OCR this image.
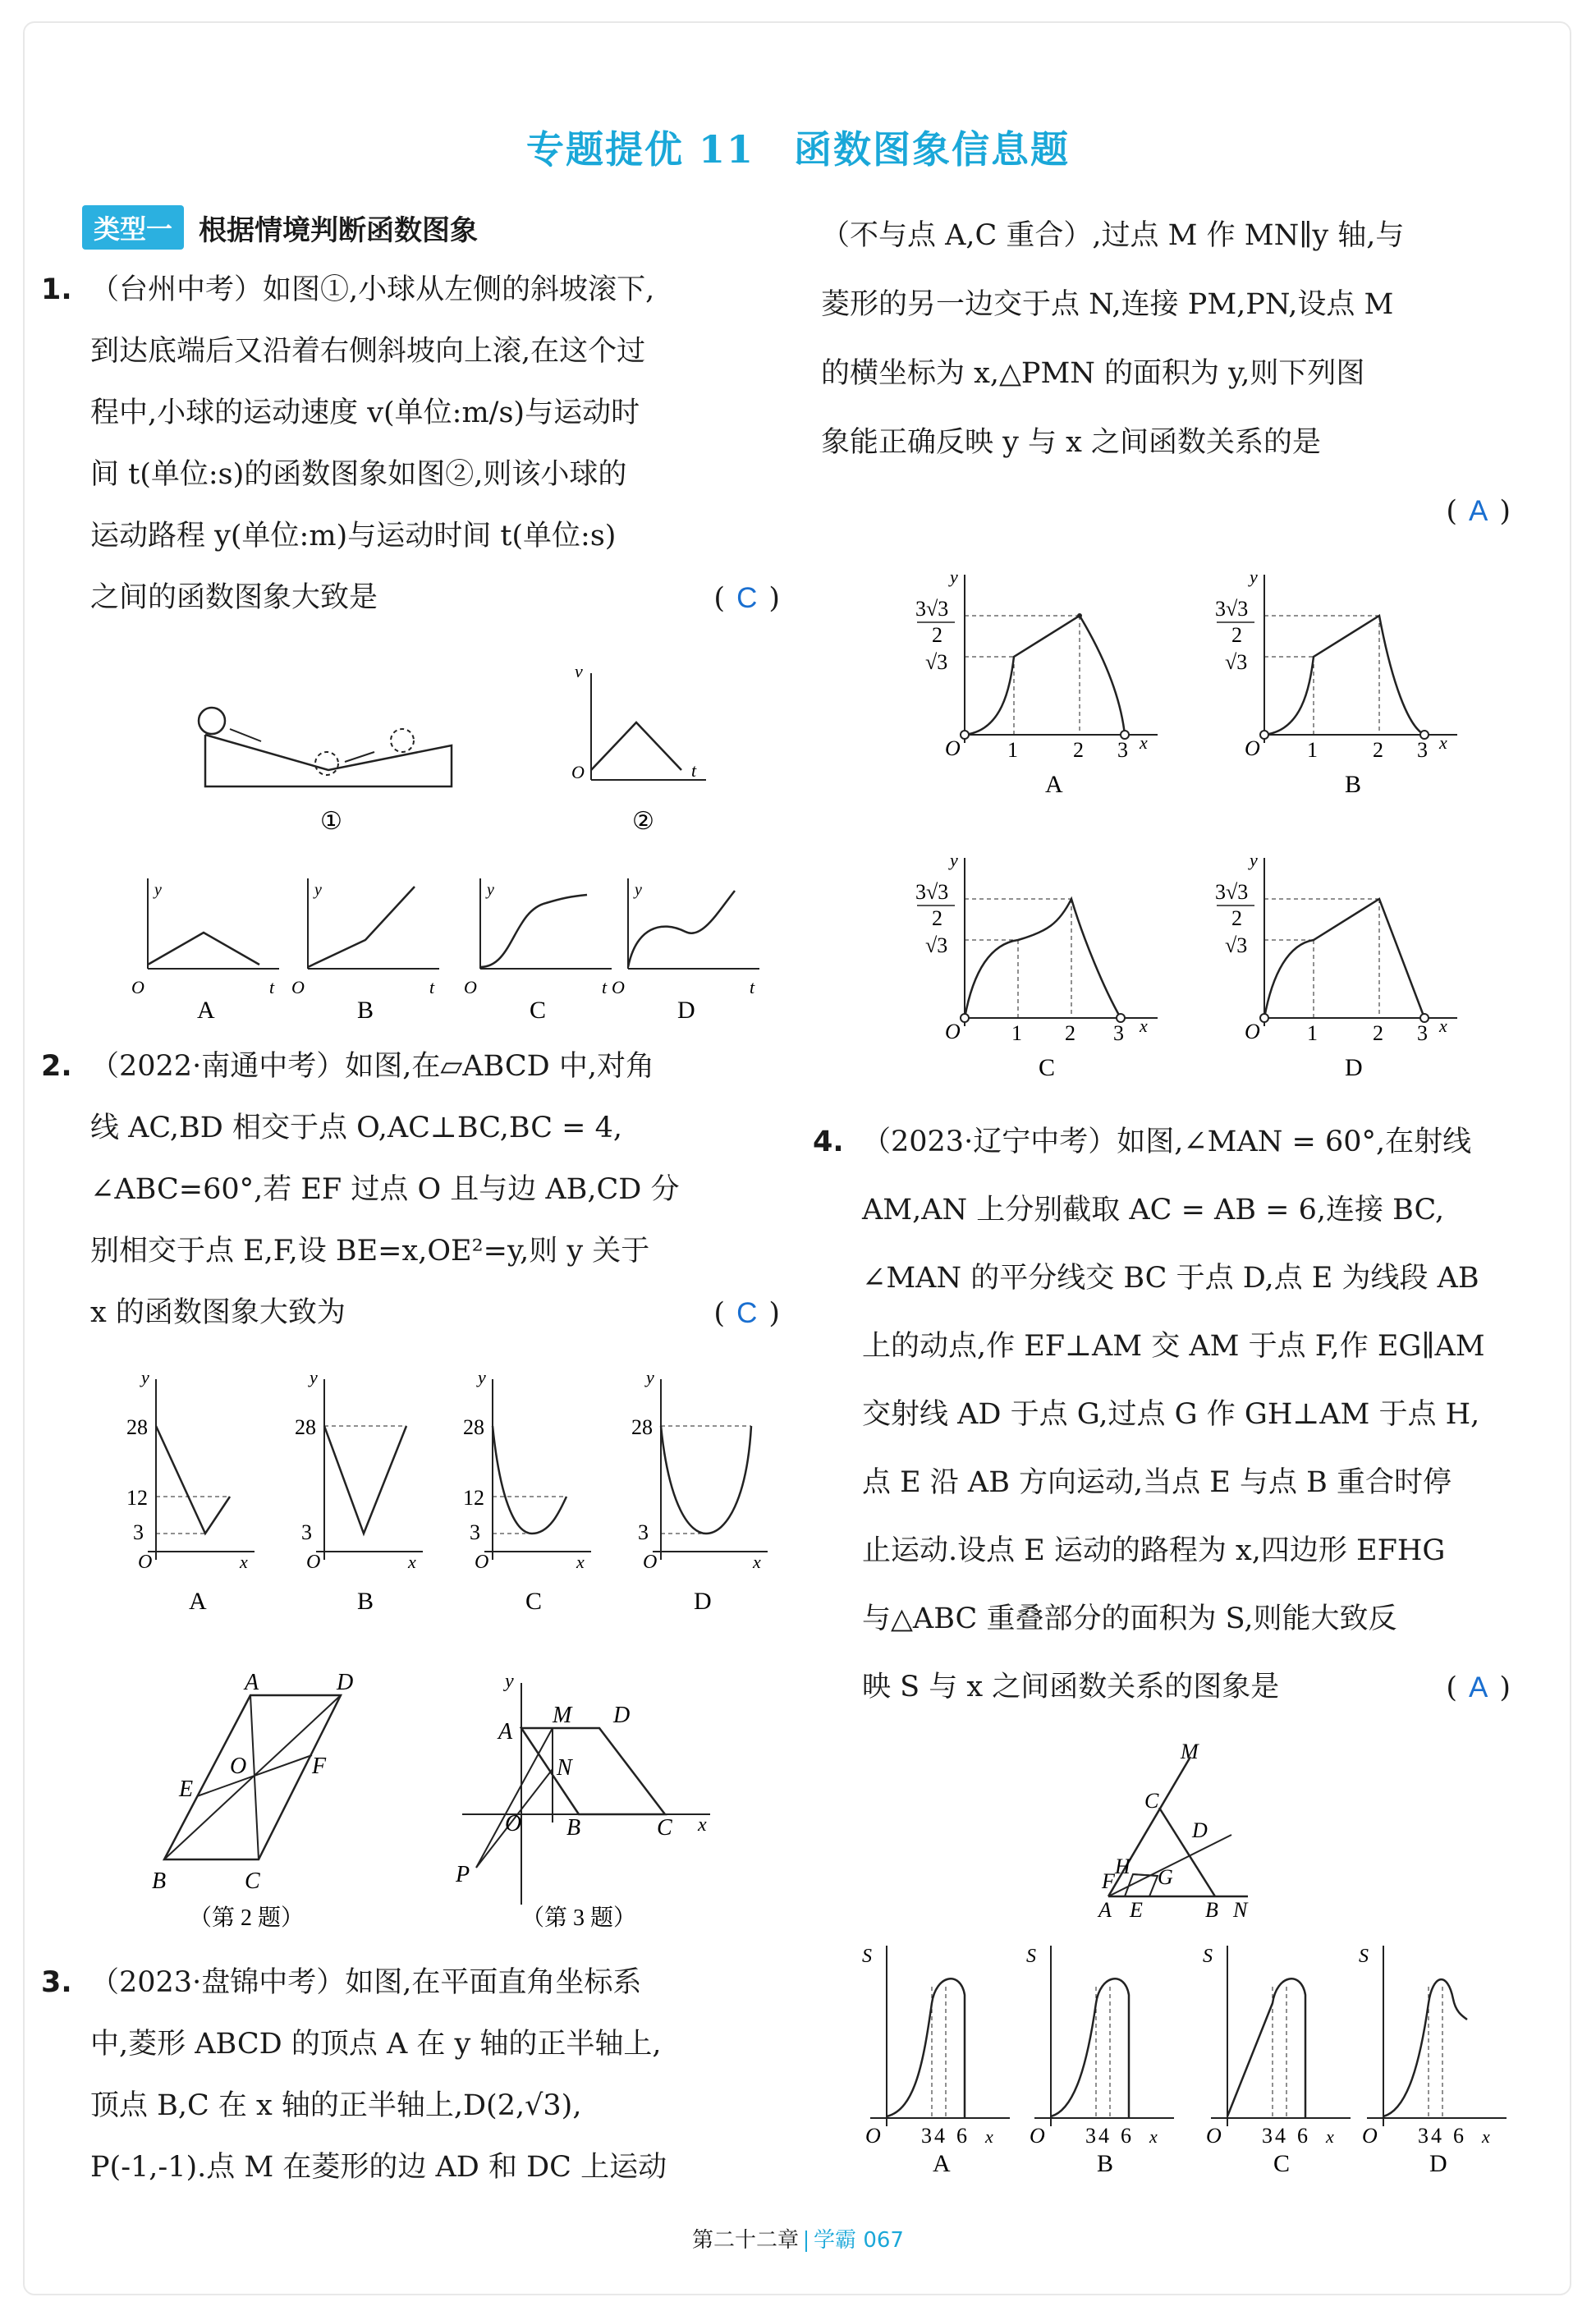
专题提优 11　函数图象信息题
类型一 根据情境判断函数图象
1. （台州中考）如图①,小球从左侧的斜坡滚下,
到达底端后又沿着右侧斜坡向上滚,在这个过
程中,小球的运动速度 v(单位:m/s)与运动时
间 t(单位:s)的函数图象如图②,则该小球的
运动路程 y(单位:m)与运动时间 t(单位:s)
之间的函数图象大致是	( C )
①
v
O	t
②
y
O	t
A
y
O	t
B
y
O	t
C
y
O	t
D
2. （2022·南通中考）如图,在▱ABCD 中,对角
线 AC,BD 相交于点 O,AC⊥BC,BC = 4,
∠ABC=60°,若 EF 过点 O 且与边 AB,CD 分
别相交于点 E,F,设 BE=x,OE²=y,则 y 关于
x 的函数图象大致为	( C )
28
12
3
y
O	x
A
28
3
y
O	x
B
28
12
3
y
O	x
C
28
3
y
O	x
D
A	D
B	C
O
E
F
（第 2 题）
y
A
M D
N
O B	C x
P
（第 3 题）
3. （2023·盘锦中考）如图,在平面直角坐标系
中,菱形 ABCD 的顶点 A 在 y 轴的正半轴上,
顶点 B,C 在 x 轴的正半轴上,D(2,√3),
P(-1,-1).点 M 在菱形的边 AD 和 DC 上运动
（不与点 A,C 重合）,过点 M 作 MN∥y 轴,与
菱形的另一边交于点 N,连接 PM,PN,设点 M
的横坐标为 x,△PMN 的面积为 y,则下列图
象能正确反映 y 与 x 之间函数关系的是
( A )
3√3
2
√3
1	2 3
y
O	x
A
3√3
2
√3
1	2 3
y
O	x
B
3√3
2
√3
1 2 3
y
O	x
C
3√3
2
√3
1	2 3
y
O	x
D
4. （2023·辽宁中考）如图,∠MAN = 60°,在射线
AM,AN 上分别截取 AC = AB = 6,连接 BC,
∠MAN 的平分线交 BC 于点 D,点 E 为线段 AB
上的动点,作 EF⊥AM 交 AM 于点 F,作 EG∥AM
交射线 AD 于点 G,过点 G 作 GH⊥AM 于点 H,
点 E 沿 AB 方向运动,当点 E 与点 B 重合时停
止运动.设点 E 运动的路程为 x,四边形 EFHG
与△ABC 重叠部分的面积为 S,则能大致反
映 S 与 x 之间函数关系的图象是	( A )
M
C
D
H
F G
A E	B N
S
O 3 4 6 x
A
S
O 3 4 6 x
B
S
O 3 4 6 x
C
S
O 3 4 6 x
D
第二十二章 学霸 067
